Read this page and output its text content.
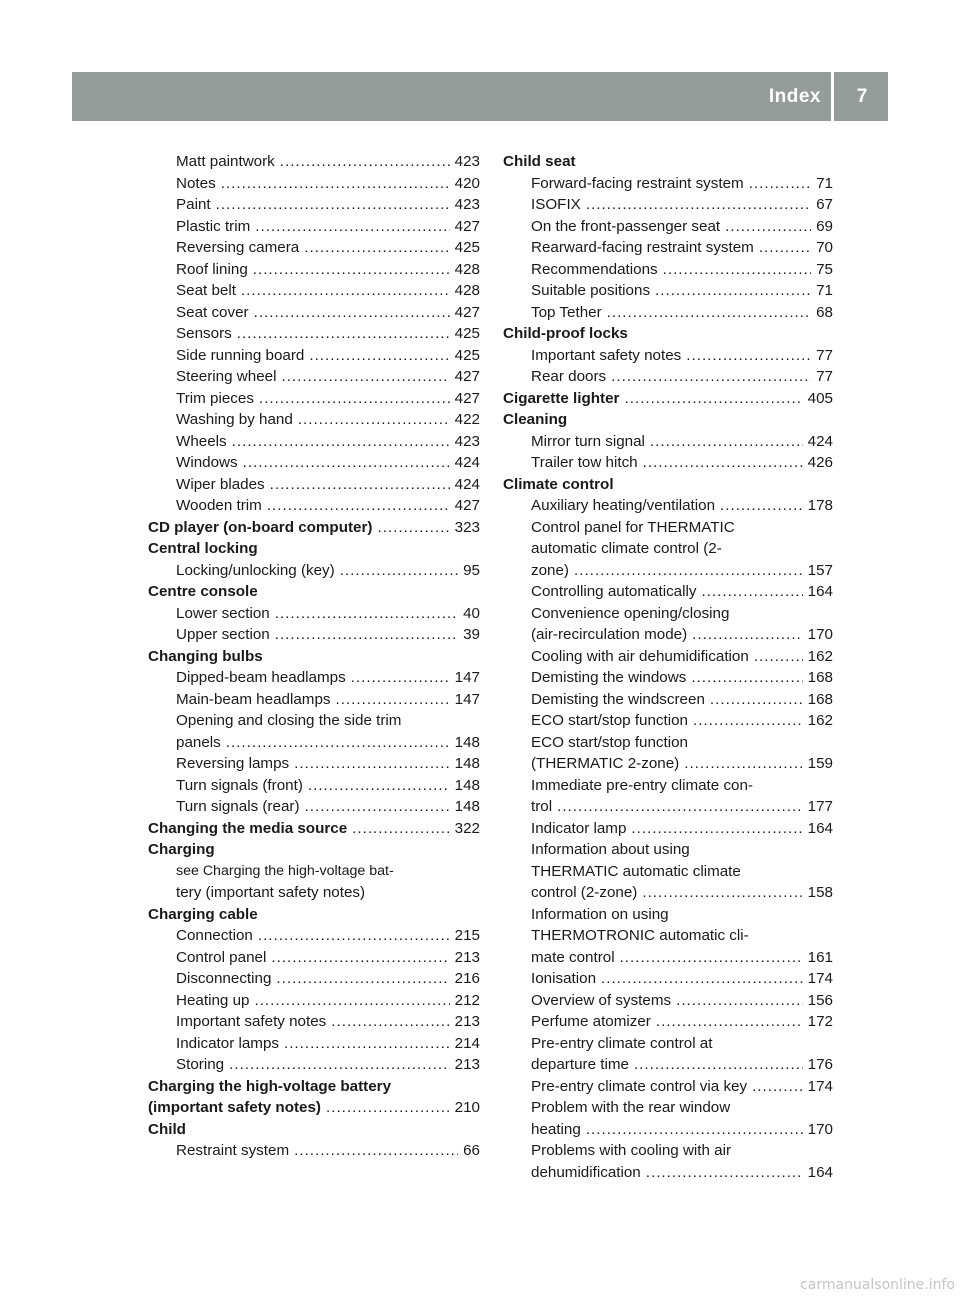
Index	7
Matt paintwork .....	423
Notes .....	420
Paint .....	423
Plastic trim .....	427
Reversing camera .....	425
Roof lining .....	428
Seat belt .....	428
Seat cover .....	427
Sensors .....	425
Side running board .....	425
Steering wheel .....	427
Trim pieces .....	427
Washing by hand .....	422
Wheels .....	423
Windows .....	424
Wiper blades .....	424
Wooden trim .....	427
CD player (on-board computer) .....	323
Central locking
Locking/unlocking (key) .....	95
Centre console
Lower section .....	40
Upper section .....	39
Changing bulbs
Dipped-beam headlamps .....	147
Main-beam headlamps .....	147
Opening and closing the side trim
panels .....	148
Reversing lamps .....	148
Turn signals (front) .....	148
Turn signals (rear) .....	148
Changing the media source .....	322
Charging
see Charging the high-voltage bat-
tery (important safety notes)
Charging cable
Connection .....	215
Control panel .....	213
Disconnecting .....	216
Heating up .....	212
Important safety notes .....	213
Indicator lamps .....	214
Storing .....	213
Charging the high-voltage battery
(important safety notes) .....	210
Child
Restraint system .....	66
Child seat
Forward-facing restraint system .....	71
ISOFIX .....	67
On the front-passenger seat .....	69
Rearward-facing restraint system .....	70
Recommendations .....	75
Suitable positions .....	71
Top Tether .....	68
Child-proof locks
Important safety notes .....	77
Rear doors .....	77
Cigarette lighter .....	405
Cleaning
Mirror turn signal .....	424
Trailer tow hitch .....	426
Climate control
Auxiliary heating/ventilation .....	178
Control panel for THERMATIC
automatic climate control (2-
zone) .....	157
Controlling automatically .....	164
Convenience opening/closing
(air-recirculation mode) .....	170
Cooling with air dehumidification .....	162
Demisting the windows .....	168
Demisting the windscreen .....	168
ECO start/stop function .....	162
ECO start/stop function
(THERMATIC 2-zone) .....	159
Immediate pre-entry climate con-
trol .....	177
Indicator lamp .....	164
Information about using
THERMATIC automatic climate
control (2-zone) .....	158
Information on using
THERMOTRONIC automatic cli-
mate control .....	161
Ionisation .....	174
Overview of systems .....	156
Perfume atomizer .....	172
Pre-entry climate control at
departure time .....	176
Pre-entry climate control via key .....	174
Problem with the rear window
heating .....	170
Problems with cooling with air
dehumidification .....	164
carmanualsonline.info
